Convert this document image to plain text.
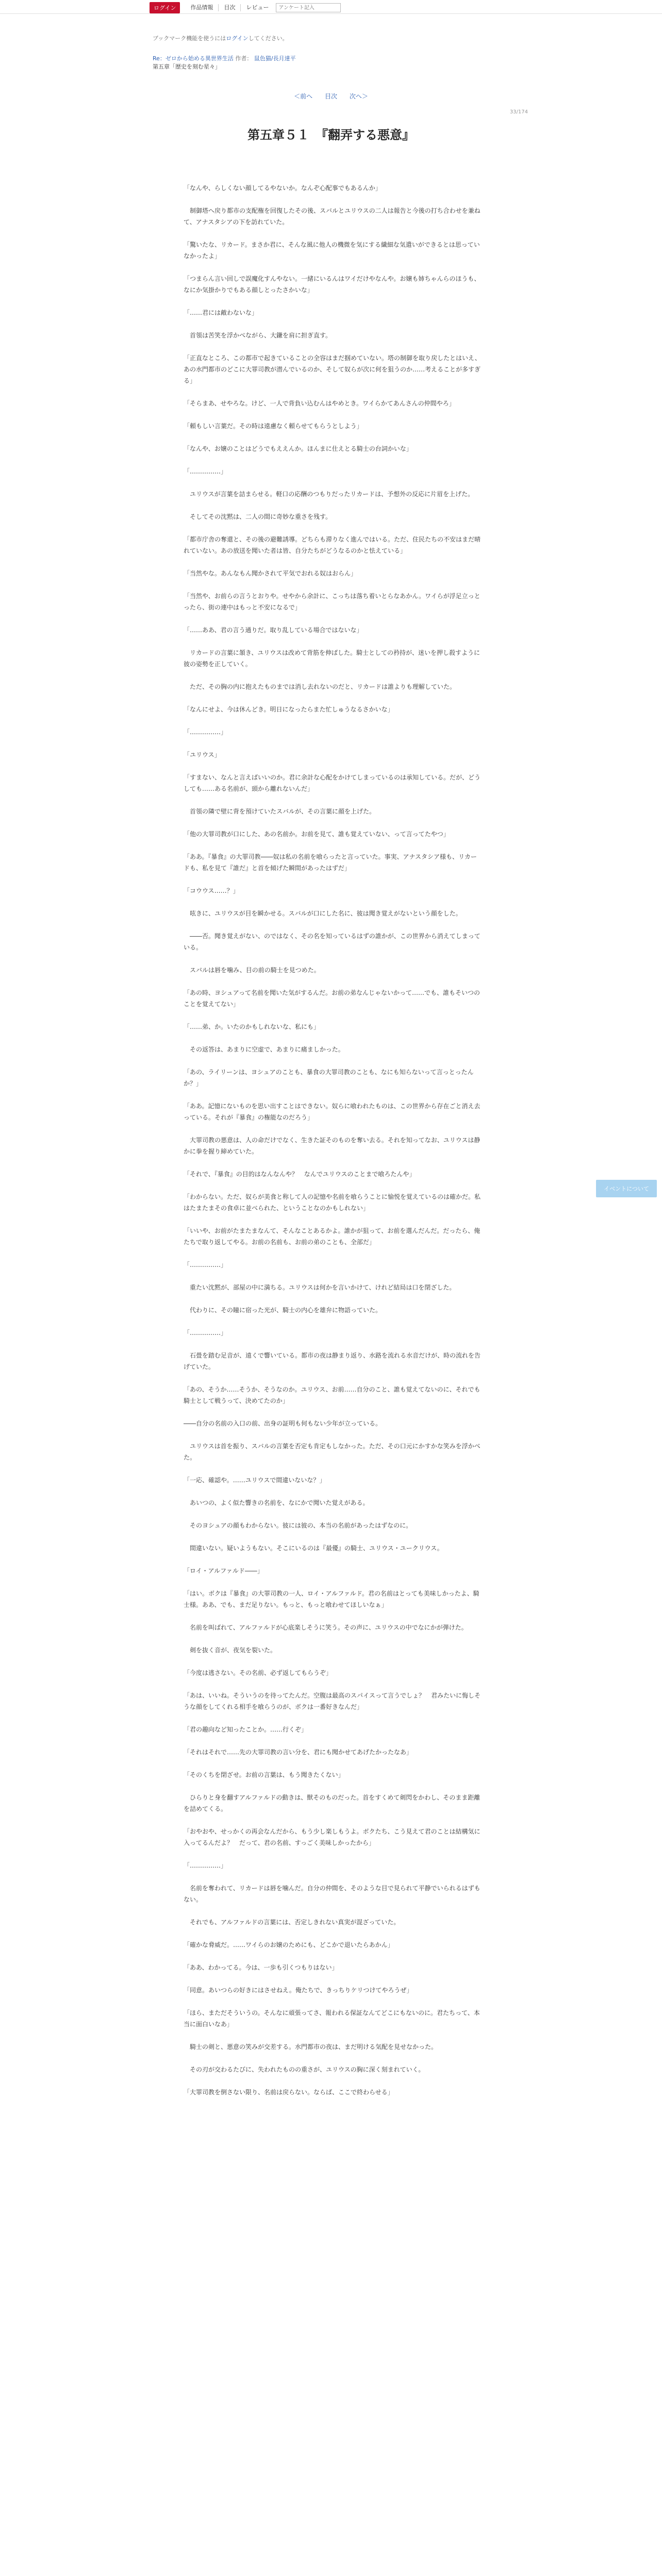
ログイン	作品情報	目次	レビュー
アンケート記入
ブックマーク機能を使うにはログインしてください。
Re：ゼロから始める異世界生活 作者： 鼠色猫/長月達平
第五章「歴史を刻む星々」
＜前へ 目次 次へ＞
33/174
第五章５１　『翻弄する悪意』

「なんや、らしくない顔してるやないか。なんぞ心配事でもあるんか」

　制御塔へ戻り都市の支配権を回復したその後、スバルとユリウスの二人は報告と今後の打ち合わせを兼ねて、アナスタシアの下を訪れていた。

「驚いたな、リカード。まさか君に、そんな風に他人の機微を気にする繊細な気遣いができるとは思っていなかったよ」

「つまらん言い回しで誤魔化すんやない。一緒にいるんはワイだけやなんや。お嬢も姉ちゃんらのほうも、なにか気掛かりでもある顔しとったさかいな」

「……君には敵わないな」

　首領は苦笑を浮かべながら、大鎌を肩に担ぎ直す。

「正直なところ、この都市で起きていることの全容はまだ掴めていない。塔の制御を取り戻したとはいえ、あの水門都市のどこに大罪司教が潜んでいるのか、そして奴らが次に何を狙うのか……考えることが多すぎる」

「そらまあ、せやろな。けど、一人で背負い込むんはやめとき。ワイらかてあんさんの仲間やろ」

「頼もしい言葉だ。その時は遠慮なく頼らせてもらうとしよう」

「なんや、お嬢のことはどうでもええんか。ほんまに仕えとる騎士の台詞かいな」

「……………」

　ユリウスが言葉を詰まらせる。軽口の応酬のつもりだったリカードは、予想外の反応に片眉を上げた。

　そしてその沈黙は、二人の間に奇妙な重さを残す。

「都市庁舎の奪還と、その後の避難誘導。どちらも滞りなく進んではいる。ただ、住民たちの不安はまだ晴れていない。あの放送を聞いた者は皆、自分たちがどうなるのかと怯えている」

「当然やな。あんなもん聞かされて平気でおれる奴はおらん」

「当然や、お前らの言うとおりや。せやから余計に、こっちは落ち着いとらなあかん。ワイらが浮足立っとったら、街の連中はもっと不安になるで」

「……ああ、君の言う通りだ。取り乱している場合ではないな」

　リカードの言葉に頷き、ユリウスは改めて背筋を伸ばした。騎士としての矜持が、迷いを押し殺すように彼の姿勢を正していく。

　ただ、その胸の内に抱えたものまでは消し去れないのだと、リカードは誰よりも理解していた。

「なんにせよ、今は休んどき。明日になったらまた忙しゅうなるさかいな」

「……………」

「ユリウス」

「すまない、なんと言えばいいのか。君に余計な心配をかけてしまっているのは承知している。だが、どうしても……ある名前が、頭から離れないんだ」

　首領の隣で壁に背を預けていたスバルが、その言葉に顔を上げた。

「他の大罪司教が口にした、あの名前か。お前を見て、誰も覚えていない、って言ってたやつ」

「ああ。『暴食』の大罪司教――奴は私の名前を喰らったと言っていた。事実、アナスタシア様も、リカードも、私を見て『誰だ』と首を傾げた瞬間があったはずだ」

「コウウス……？」

　呟きに、ユリウスが目を瞬かせる。スバルが口にした名に、彼は聞き覚えがないという顔をした。

　――否。聞き覚えがない、のではなく、その名を知っているはずの誰かが、この世界から消えてしまっている。

　スバルは唇を噛み、目の前の騎士を見つめた。

「あの時、ヨシュアって名前を聞いた気がするんだ。お前の弟なんじゃないかって……でも、誰もそいつのことを覚えてない」

「……弟、か。いたのかもしれないな、私にも」

　その返答は、あまりに空虚で、あまりに痛ましかった。

「あの、ライリーンは、ヨシュアのことも、暴食の大罪司教のことも、なにも知らないって言っとったんか？」

「ああ。記憶にないものを思い出すことはできない。奴らに喰われたものは、この世界から存在ごと消え去っている。それが『暴食』の権能なのだろう」

　大罪司教の悪意は、人の命だけでなく、生きた証そのものを奪い去る。それを知ってなお、ユリウスは静かに拳を握り締めていた。

「それで、『暴食』の目的はなんなんや？　なんでユリウスのことまで喰ろたんや」

「わからない。ただ、奴らが美食と称して人の記憶や名前を喰らうことに愉悦を覚えているのは確かだ。私はたまたまその食卓に並べられた、ということなのかもしれない」

「いいや、お前がたまたまなんて、そんなことあるかよ。誰かが狙って、お前を選んだんだ。だったら、俺たちで取り返してやる。お前の名前も、お前の弟のことも、全部だ」

「……………」

　重たい沈黙が、部屋の中に満ちる。ユリウスは何かを言いかけて、けれど結局は口を閉ざした。

　代わりに、その瞳に宿った光が、騎士の内心を雄弁に物語っていた。

「……………」

　石畳を踏む足音が、遠くで響いている。都市の夜は静まり返り、水路を流れる水音だけが、時の流れを告げていた。

「あの、そうか……そうか、そうなのか。ユリウス、お前……自分のこと、誰も覚えてないのに、それでも騎士として戦うって、決めてたのか」

――自分の名前の入口の前、出身の証明も何もない少年が立っている。

　ユリウスは首を振り、スバルの言葉を否定も肯定もしなかった。ただ、その口元にかすかな笑みを浮かべた。

「一応、確認や。……ユリウスで間違いないな？」

　あいつの、よく似た響きの名前を、なにかで聞いた覚えがある。

　そのヨシュアの顔もわからない。彼には彼の、本当の名前があったはずなのに。

　間違いない。疑いようもない。そこにいるのは『最優』の騎士、ユリウス・ユークリウス。

「ロイ・アルファルド――」

「はい。ボクは『暴食』の大罪司教の一人、ロイ・アルファルド。君の名前はとっても美味しかったよ、騎士様。ああ、でも、まだ足りない。もっと、もっと喰わせてほしいなぁ」

　名前を叫ばれて、アルファルドが心底楽しそうに笑う。その声に、ユリウスの中でなにかが弾けた。

　剣を抜く音が、夜気を裂いた。

「今度は逃さない。その名前、必ず返してもらうぞ」

「あは、いいね。そういうのを待ってたんだ。空腹は最高のスパイスって言うでしょ？　君みたいに悔しそうな顔をしてくれる相手を喰らうのが、ボクは一番好きなんだ」

「君の趣向など知ったことか。……行くぞ」

「それはそれで……先の大罪司教の言い分を、君にも聞かせてあげたかったなあ」

「そのくちを閉ざせ。お前の言葉は、もう聞きたくない」

　ひらりと身を翻すアルファルドの動きは、獣そのものだった。首をすくめて剣閃をかわし、そのまま距離を詰めてくる。

「おやおや、せっかくの再会なんだから、もう少し楽しもうよ。ボクたち、こう見えて君のことは結構気に入ってるんだよ？　だって、君の名前、すっごく美味しかったから」

「……………」

　名前を奪われて、リカードは唇を噛んだ。自分の仲間を、そのような目で見られて平静でいられるはずもない。

　それでも、アルファルドの言葉には、否定しきれない真実が混ざっていた。

「確かな脅威だ。……ワイらのお嬢のためにも、どこかで退いたらあかん」

「ああ、わかってる。今は、一歩も引くつもりはない」

「同意。あいつらの好きにはさせねえ。俺たちで、きっちりケリつけてやろうぜ」

「ほら、まただそういうの。そんなに頑張ってさ、報われる保証なんてどこにもないのに。君たちって、本当に面白いなあ」

　騎士の剣と、悪意の笑みが交差する。水門都市の夜は、まだ明ける気配を見せなかった。

　その刃が交わるたびに、失われたものの重さが、ユリウスの胸に深く刻まれていく。

「大罪司教を倒さない限り、名前は戻らない。ならば、ここで終わらせる」

イベントについて
